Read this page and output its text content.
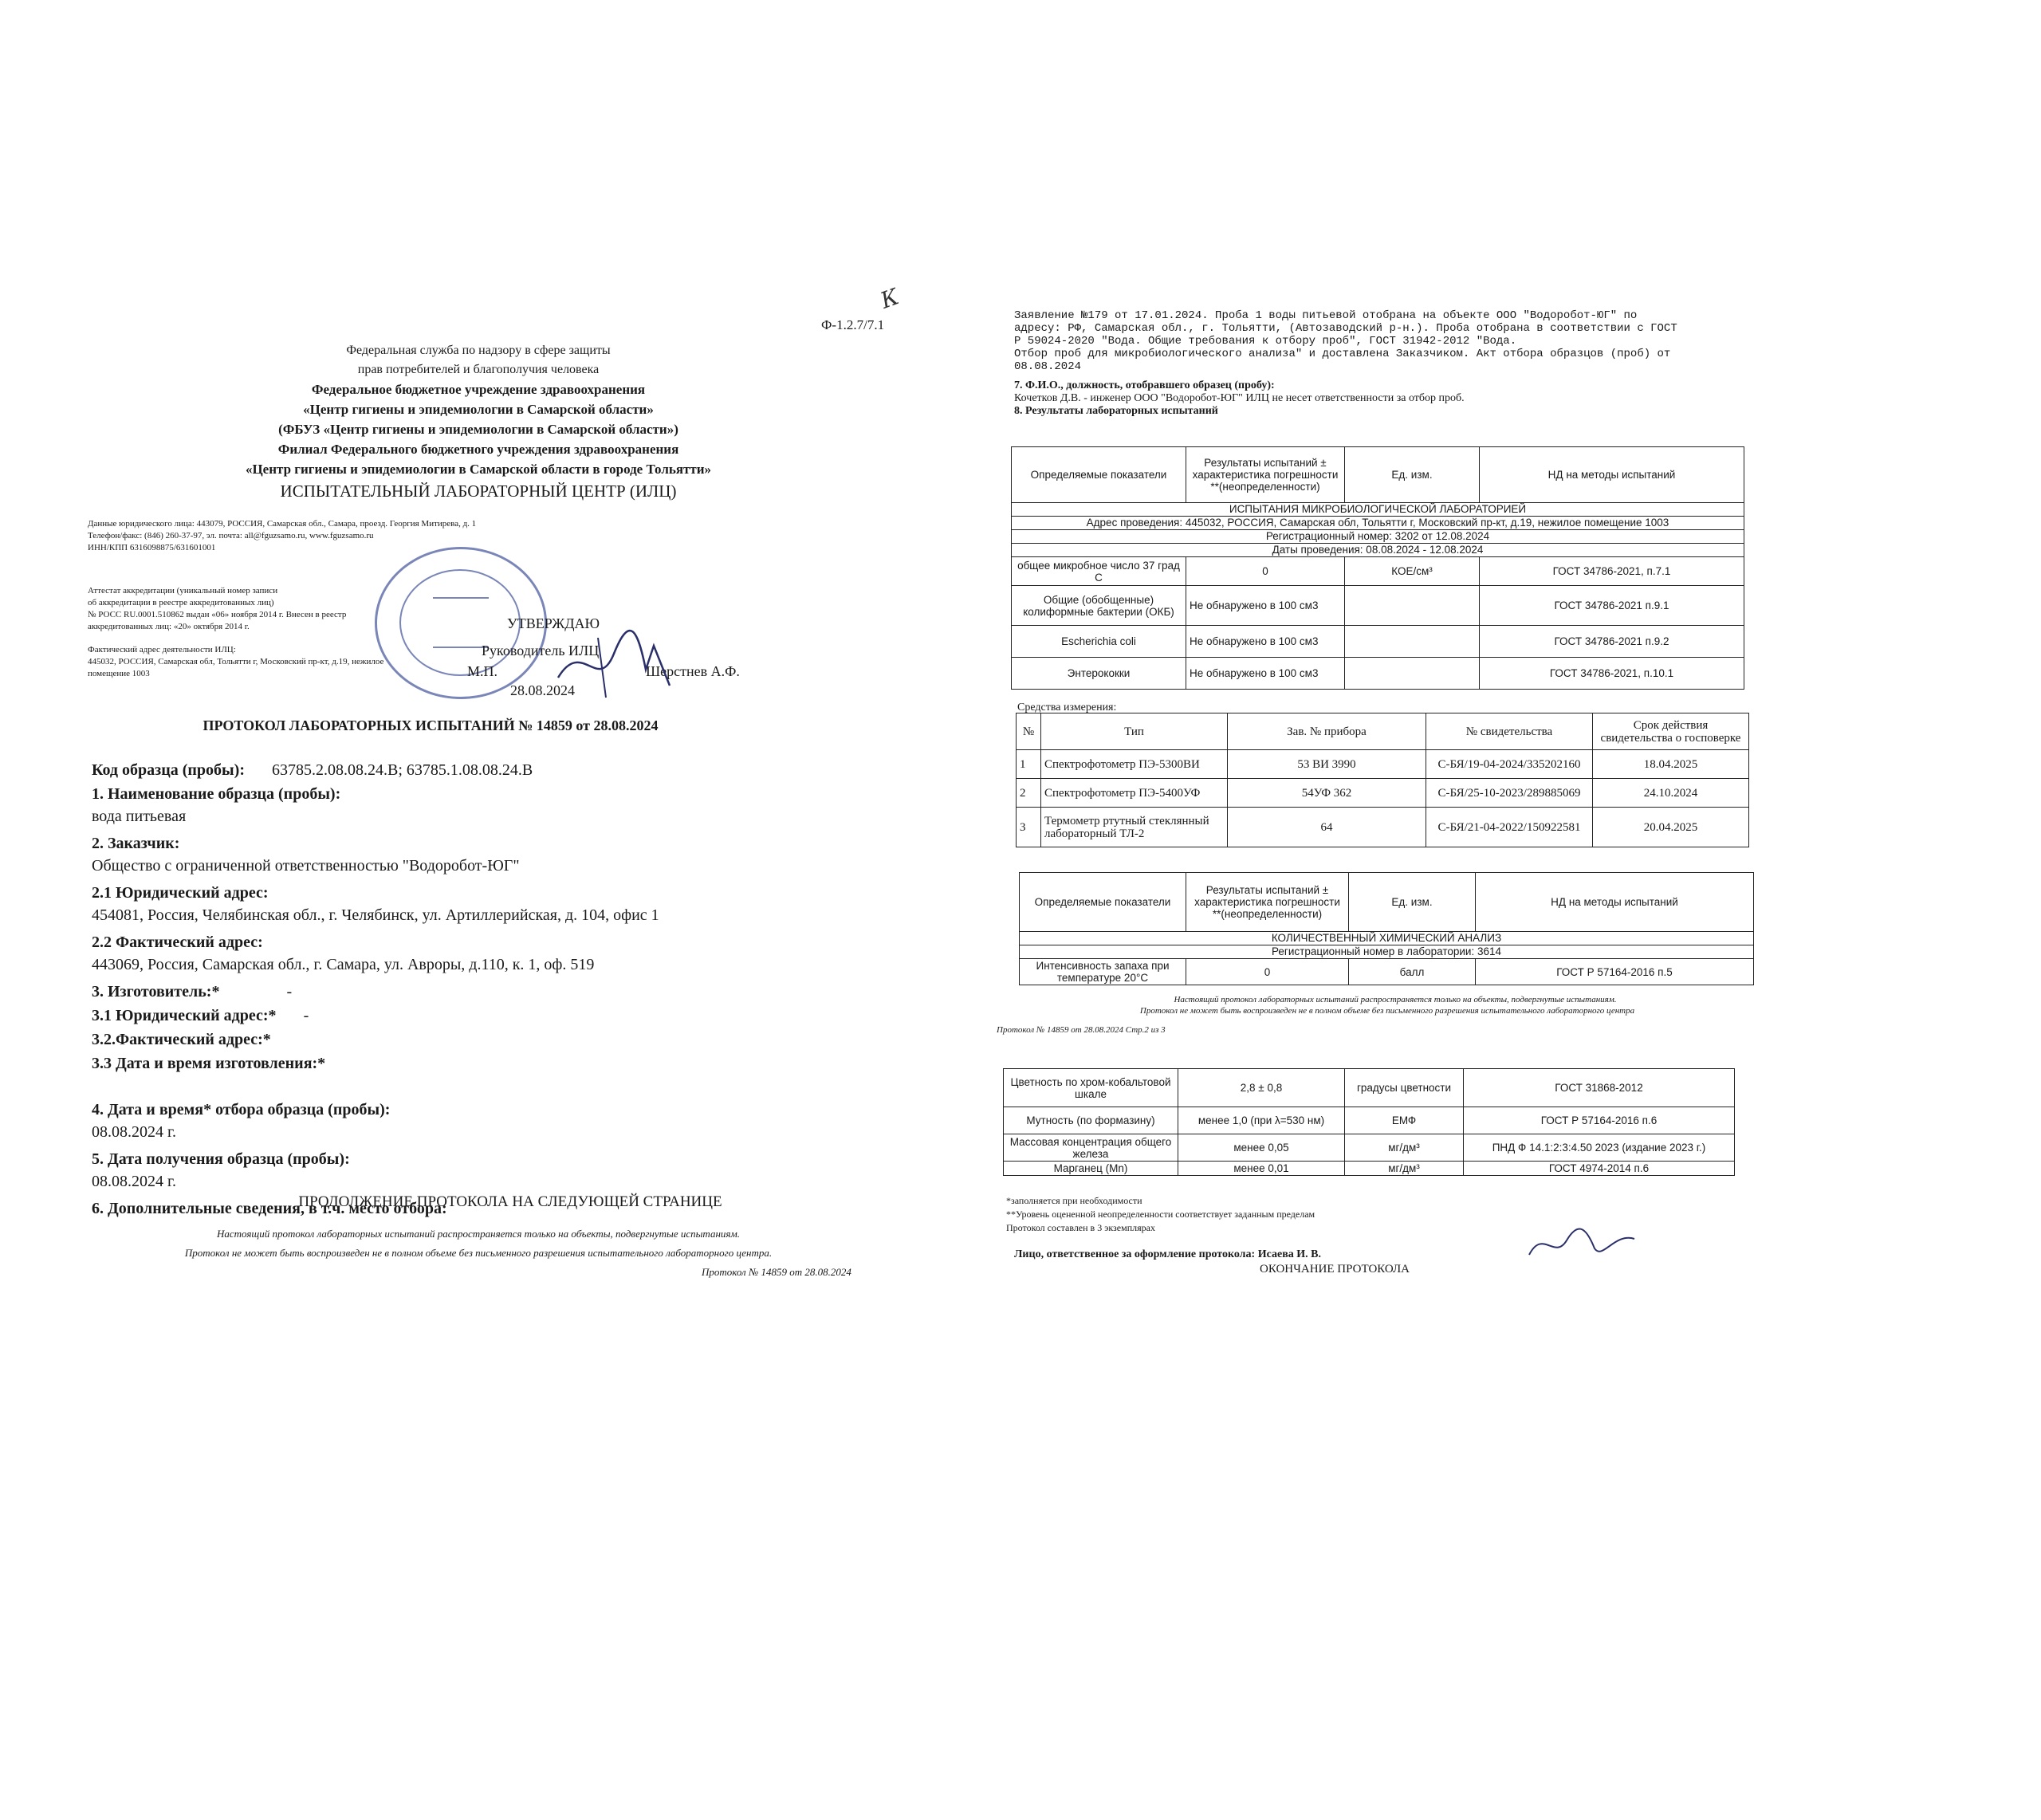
Ф-1.2.7/7.1
К
Федеральная служба по надзору в сфере защиты
прав потребителей и благополучия человека
Федеральное бюджетное учреждение здравоохранения
«Центр гигиены и эпидемиологии в Самарской области»
(ФБУЗ «Центр гигиены и эпидемиологии в Самарской области»)
Филиал Федерального бюджетного учреждения здравоохранения
«Центр гигиены и эпидемиологии в Самарской области в городе Тольятти»
ИСПЫТАТЕЛЬНЫЙ ЛАБОРАТОРНЫЙ ЦЕНТР (ИЛЦ)
Данные юридического лица: 443079, РОССИЯ, Самарская обл., Самара, проезд. Георгия Митирева, д. 1
Телефон/факс: (846) 260-37-97, эл. почта: all@fguzsamo.ru, www.fguzsamo.ru
ИНН/КПП 6316098875/631601001
Аттестат аккредитации (уникальный номер записи
об аккредитации в реестре аккредитованных лиц)
№ РОСС RU.0001.510862 выдан «06» ноября 2014 г. Внесен в реестр
аккредитованных лиц: «20» октября 2014 г.
Фактический адрес деятельности ИЛЦ:
445032, РОССИЯ, Самарская обл, Тольятти г, Московский пр-кт, д.19, нежилое
помещение 1003
УТВЕРЖДАЮ
Руководитель ИЛЦ
М.П.	Шерстнев А.Ф.
28.08.2024
ПРОТОКОЛ ЛАБОРАТОРНЫХ ИСПЫТАНИЙ № 14859 от 28.08.2024
Код образца (пробы): 63785.2.08.08.24.В; 63785.1.08.08.24.В
1. Наименование образца (пробы):
вода питьевая
2. Заказчик:
Общество с ограниченной ответственностью "Водоробот-ЮГ"
2.1 Юридический адрес:
454081, Россия, Челябинская обл., г. Челябинск, ул. Артиллерийская, д. 104, офис 1
2.2 Фактический адрес:
443069, Россия, Самарская обл., г. Самара, ул. Авроры, д.110, к. 1, оф. 519
3. Изготовитель:*	-
3.1 Юридический адрес:* -
3.2.Фактический адрес:*
3.3 Дата и время изготовления:*
4. Дата и время* отбора образца (пробы):
08.08.2024 г.
5. Дата получения образца (пробы):
08.08.2024 г.
6. Дополнительные сведения, в т.ч. место отбора:
ПРОДОЛЖЕНИЕ ПРОТОКОЛА НА СЛЕДУЮЩЕЙ СТРАНИЦЕ
Настоящий протокол лабораторных испытаний распространяется только на объекты, подвергнутые испытаниям.
Протокол не может быть воспроизведен не в полном объеме без письменного разрешения испытательного лабораторного центра.
Протокол № 14859 от 28.08.2024
Заявление №179 от 17.01.2024. Проба 1 воды питьевой отобрана на объекте ООО "Водоробот-ЮГ" по
адресу: РФ, Самарская обл., г. Тольятти, (Автозаводский р-н.). Проба отобрана в соответствии с ГОСТ
Р 59024-2020 "Вода. Общие требования к отбору проб", ГОСТ 31942-2012 "Вода.
Отбор проб для микробиологического анализа" и доставлена Заказчиком. Акт отбора образцов (проб) от
08.08.2024
7. Ф.И.О., должность, отобравшего образец (пробу):
Кочетков Д.В. - инженер ООО "Водоробот-ЮГ" ИЛЦ не несет ответственности за отбор проб.
8. Результаты лабораторных испытаний
Определяемые показатели	Результаты испытаний ± характеристика погрешности **(неопределенности)	Ед. изм.	НД на методы испытаний
ИСПЫТАНИЯ МИКРОБИОЛОГИЧЕСКОЙ ЛАБОРАТОРИЕЙ			
Адрес проведения: 445032, РОССИЯ, Самарская обл, Тольятти г, Московский пр-кт, д.19, нежилое помещение 1003			
Регистрационный номер: 3202 от 12.08.2024			
Даты проведения: 08.08.2024 - 12.08.2024			
общее микробное число 37 град С	0	КОЕ/см³	ГОСТ 34786-2021, п.7.1
Общие (обобщенные) колиформные бактерии (ОКБ)	Не обнаружено в 100 см3		ГОСТ 34786-2021 п.9.1
Escherichia coli	Не обнаружено в 100 см3		ГОСТ 34786-2021 п.9.2
Энтерококки	Не обнаружено в 100 см3		ГОСТ 34786-2021, п.10.1
Средства измерения:
№	Тип	Зав. № прибора	№ свидетельства	Срок действия свидетельства о госповерке
1	Спектрофотометр ПЭ-5300ВИ	53 ВИ 3990	С-БЯ/19-04-2024/335202160	18.04.2025
2	Спектрофотометр ПЭ-5400УФ	54УФ 362	С-БЯ/25-10-2023/289885069	24.10.2024
3	Термометр ртутный стеклянный лабораторный ТЛ-2	64	С-БЯ/21-04-2022/150922581	20.04.2025
Определяемые показатели	Результаты испытаний ± характеристика погрешности **(неопределенности)	Ед. изм.	НД на методы испытаний
КОЛИЧЕСТВЕННЫЙ ХИМИЧЕСКИЙ АНАЛИЗ			
Регистрационный номер в лаборатории: 3614			
Интенсивность запаха при температуре 20°С	0	балл	ГОСТ Р 57164-2016 п.5
Настоящий протокол лабораторных испытаний распространяется только на объекты, подвергнутые испытаниям.
Протокол не может быть воспроизведен не в полном объеме без письменного разрешения испытательного лабораторного центра
Протокол № 14859 от 28.08.2024 Стр.2 из 3
Цветность по хром-кобальтовой шкале	2,8 ± 0,8	градусы цветности	ГОСТ 31868-2012
Мутность (по формазину)	менее 1,0 (при λ=530 нм)	ЕМФ	ГОСТ Р 57164-2016 п.6
Массовая концентрация общего железа	менее 0,05	мг/дм³	ПНД Ф 14.1:2:3:4.50 2023 (издание 2023 г.)
Марганец (Mn)	менее 0,01	мг/дм³	ГОСТ 4974-2014 п.6
*заполняется при необходимости
**Уровень оцененной неопределенности соответствует заданным пределам
Протокол составлен в 3 экземплярах
Лицо, ответственное за оформление протокола: Исаева И. В.
ОКОНЧАНИЕ ПРОТОКОЛА
